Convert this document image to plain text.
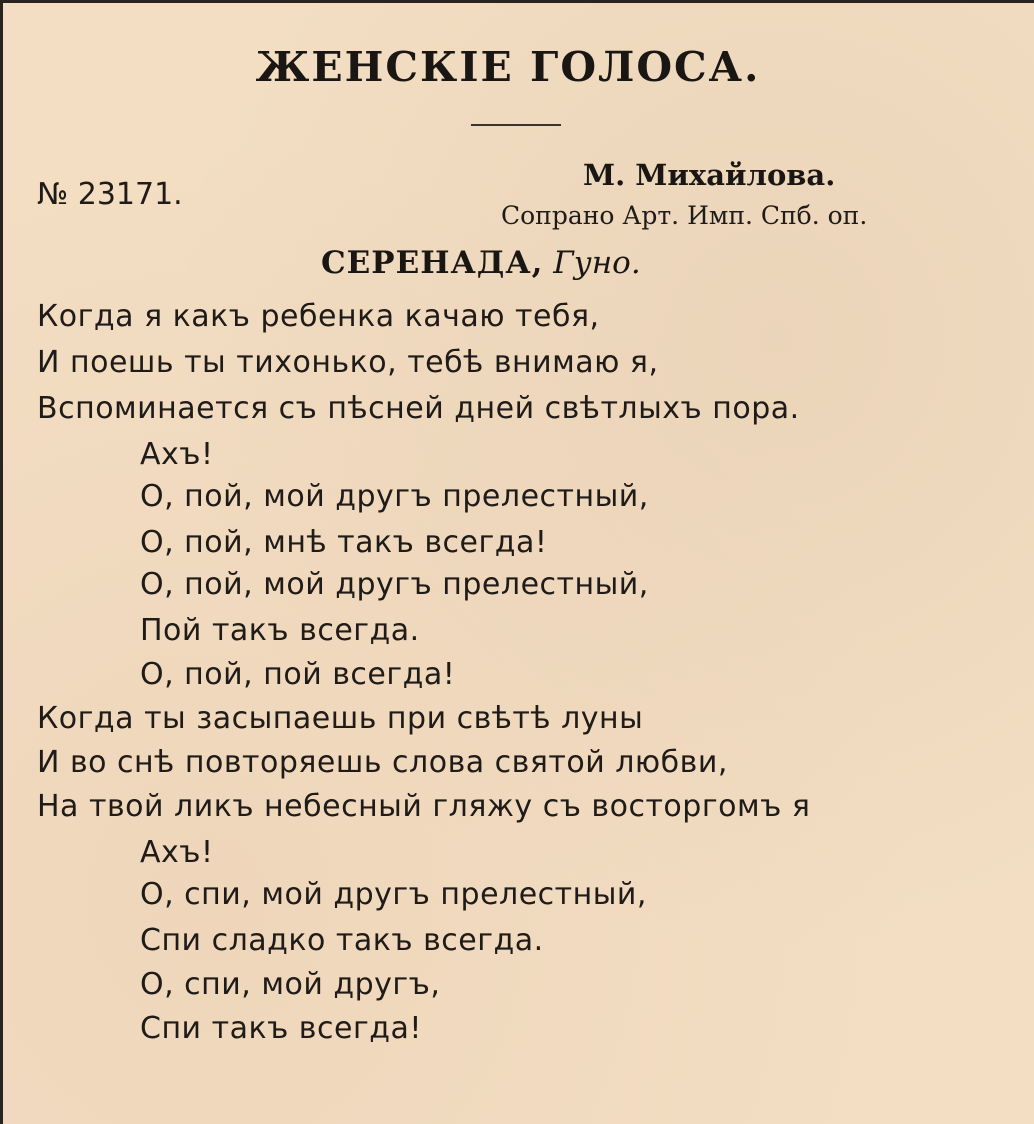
ЖЕНСКІЕ ГОЛОСА.
№ 23171.
М. Михайлова.
Сопрано Арт. Имп. Спб. оп.
СЕРЕНАДА, Гуно.
Когда я какъ ребенка качаю тебя,
И поешь ты тихонько, тебѣ внимаю я,
Вспоминается съ пѣсней дней свѣтлыхъ пора.
Ахъ!
О, пой, мой другъ прелестный,
О, пой, мнѣ такъ всегда!
О, пой, мой другъ прелестный,
Пой такъ всегда.
О, пой, пой всегда!
Когда ты засыпаешь при свѣтѣ луны
И во снѣ повторяешь слова святой любви,
На твой ликъ небесный гляжу съ восторгомъ я
Ахъ!
О, спи, мой другъ прелестный,
Спи сладко такъ всегда.
О, спи, мой другъ,
Спи такъ всегда!
